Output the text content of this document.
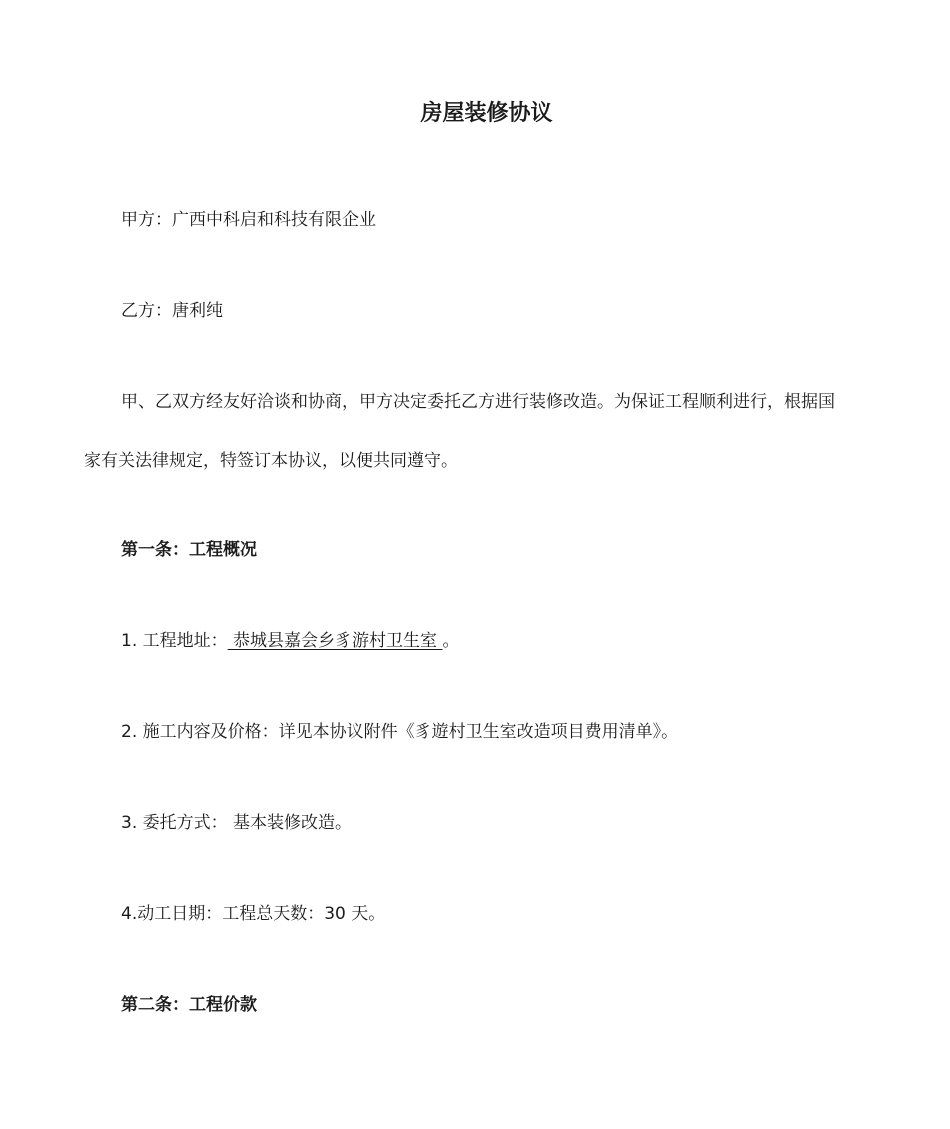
房屋装修协议
甲方：广西中科启和科技有限企业
乙方：唐利纯
甲、乙双方经友好洽谈和协商，甲方决定委托乙方进行装修改造。为保证工程顺利进行，根据国
家有关法律规定，特签订本协议，以便共同遵守。
第一条：工程概况
1. 工程地址： 恭城县嘉会乡豸游村卫生室 。
2. 施工内容及价格：详见本协议附件《豸遊村卫生室改造项目费用清单》。
3. 委托方式： 基本装修改造。
4.动工日期：工程总天数：30 天。
第二条：工程价款
